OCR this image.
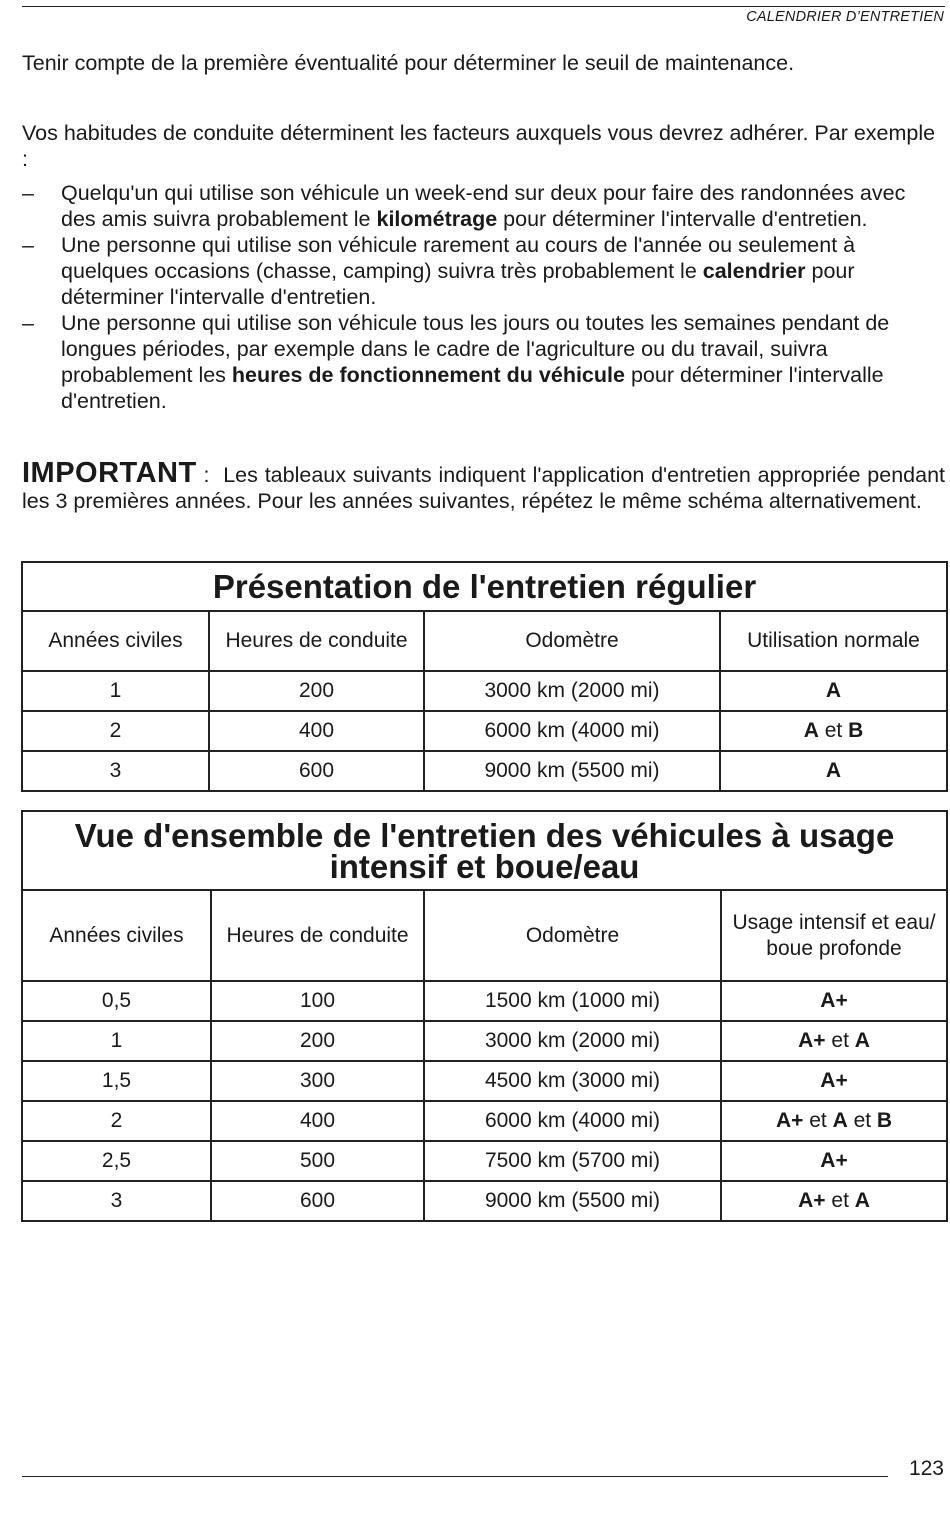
CALENDRIER D’ENTRETIEN

Tenir compte de la première éventualité pour déterminer le seuil de maintenance.

Vos habitudes de conduite déterminent les facteurs auxquels vous devrez adhérer. Par exemple :

– Quelqu'un qui utilise son véhicule un week-end sur deux pour faire des randonnées avec des amis suivra probablement le kilométrage pour déterminer l'intervalle d'entretien.
– Une personne qui utilise son véhicule rarement au cours de l'année ou seulement à quelques occasions (chasse, camping) suivra très probablement le calendrier pour déterminer l'intervalle d'entretien.
– Une personne qui utilise son véhicule tous les jours ou toutes les semaines pendant de longues périodes, par exemple dans le cadre de l'agriculture ou du travail, suivra probablement les heures de fonctionnement du véhicule pour déterminer l'intervalle d'entretien.

IMPORTANT : Les tableaux suivants indiquent l'application d'entretien appropriée pendant les 3 premières années. Pour les années suivantes, répétez le même schéma alternativement.

Présentation de l'entretien régulier			
Années civiles	Heures de conduite	Odomètre	Utilisation normale
1	200	3000 km (2000 mi)	A
2	400	6000 km (4000 mi)	A et B
3	600	9000 km (5500 mi)	A
Vue d'ensemble de l'entretien des véhicules à usage intensif et boue/eau			
Années civiles	Heures de conduite	Odomètre	Usage intensif et eau/ boue profonde
0,5	100	1500 km (1000 mi)	A+
1	200	3000 km (2000 mi)	A+ et A
1,5	300	4500 km (3000 mi)	A+
2	400	6000 km (4000 mi)	A+ et A et B
2,5	500	7500 km (5700 mi)	A+
3	600	9000 km (5500 mi)	A+ et A
123
